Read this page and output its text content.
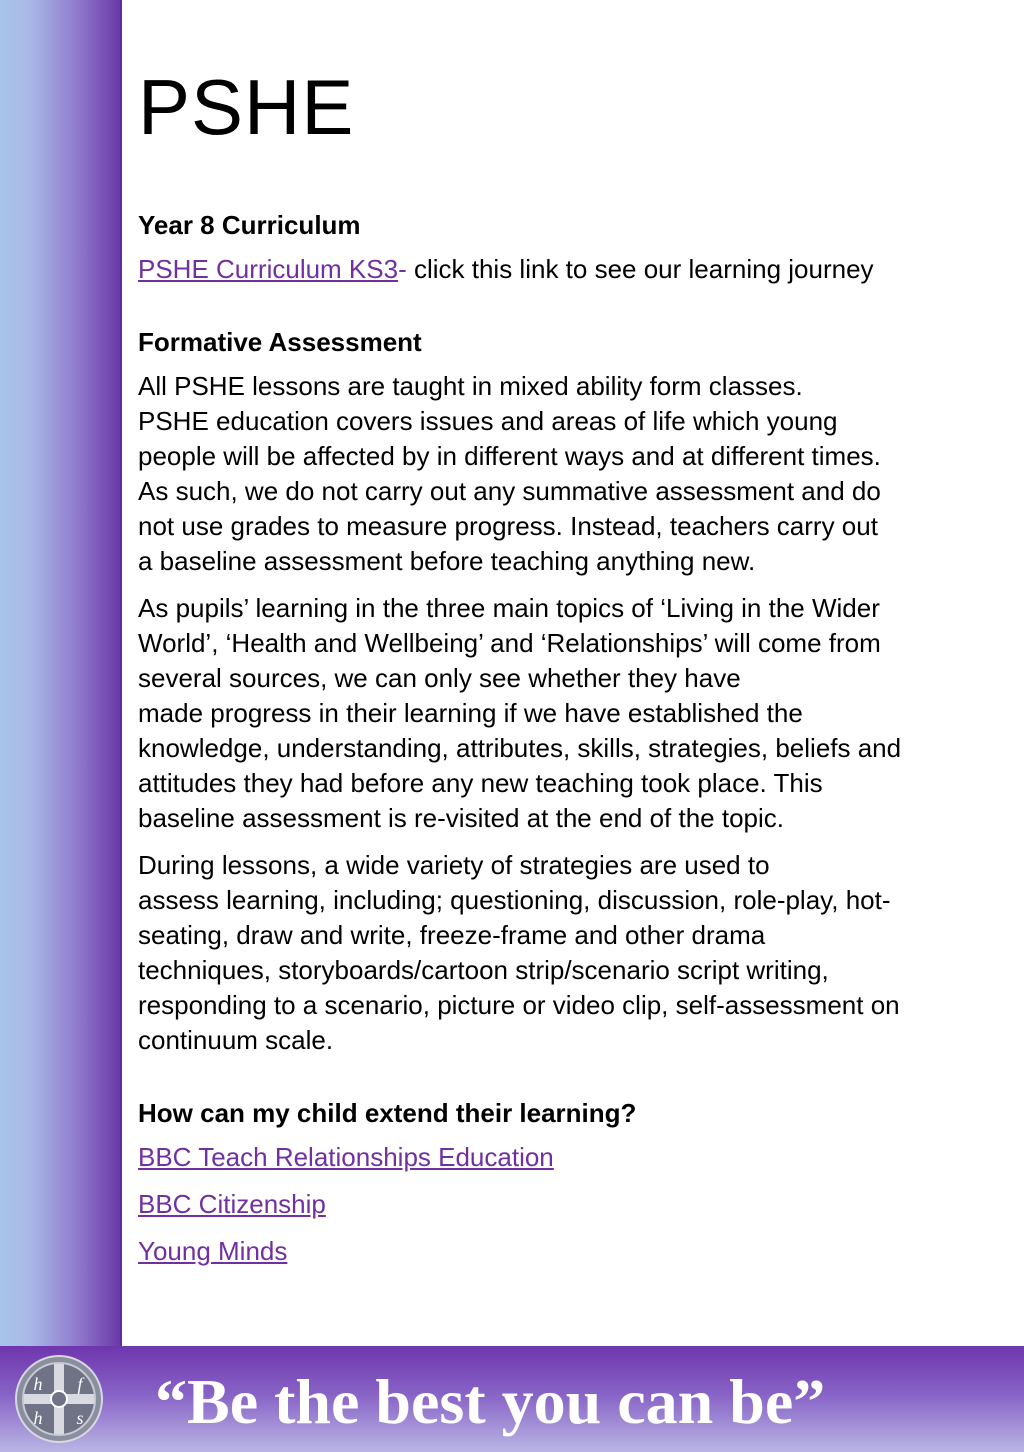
PSHE
Year 8 Curriculum
PSHE Curriculum KS3- click this link to see our learning journey
Formative Assessment
All PSHE lessons are taught in mixed ability form classes.
PSHE education covers issues and areas of life which young
people will be affected by in different ways and at different times.
As such, we do not carry out any summative assessment and do
not use grades to measure progress. Instead, teachers carry out
a baseline assessment before teaching anything new.
As pupils’ learning in the three main topics of ‘Living in the Wider
World’, ‘Health and Wellbeing’ and ‘Relationships’ will come from
several sources, we can only see whether they have
made progress in their learning if we have established the
knowledge, understanding, attributes, skills, strategies, beliefs and
attitudes they had before any new teaching took place. This
baseline assessment is re-visited at the end of the topic.
During lessons, a wide variety of strategies are used to
assess learning, including; questioning, discussion, role-play, hot-
seating, draw and write, freeze-frame and other drama
techniques, storyboards/cartoon strip/scenario script writing,
responding to a scenario, picture or video clip, self-assessment on
continuum scale.
How can my child extend their learning?
BBC Teach Relationships Education
BBC Citizenship
Young Minds
h f
h s “Be the best you can be”
